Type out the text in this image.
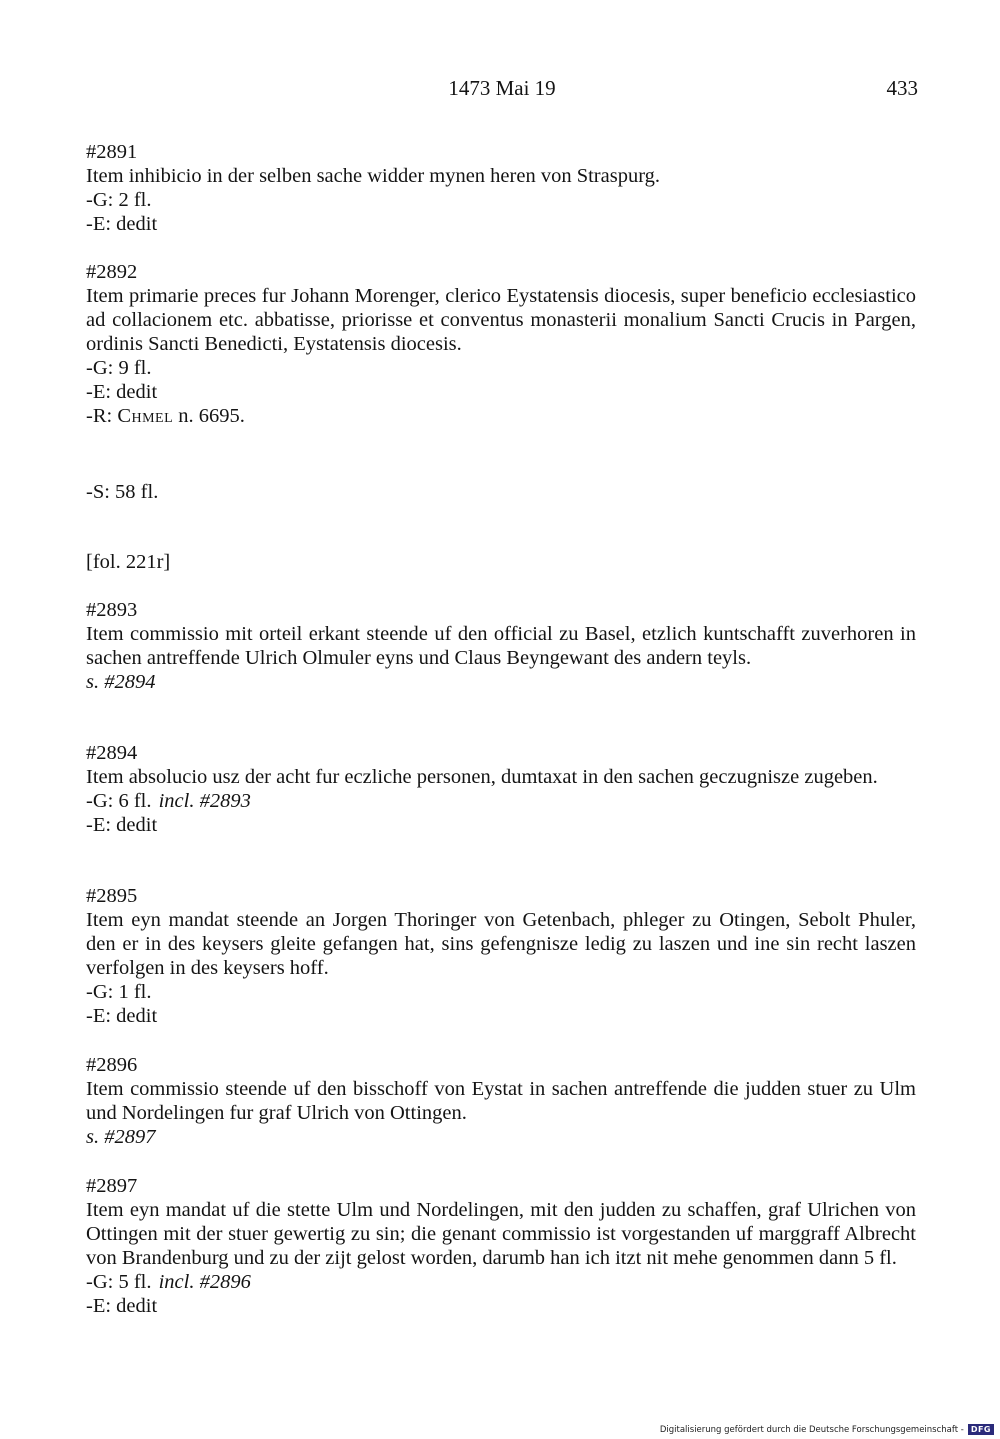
1473 Mai 19	433
#2891
Item inhibicio in der selben sache widder mynen heren von Straspurg.
-G: 2 fl.
-E: dedit
#2892
Item primarie preces fur Johann Morenger, clerico Eystatensis diocesis, super beneficio ecclesiastico ad collacionem etc. abbatisse, priorisse et conventus monasterii monalium Sancti Crucis in Pargen, ordinis Sancti Benedicti, Eystatensis diocesis.
-G: 9 fl.
-E: dedit
-R: Chmel n. 6695.
-S: 58 fl.
[fol. 221r]
#2893
Item commissio mit orteil erkant steende uf den official zu Basel, etzlich kuntschafft zuverhoren in sachen antreffende Ulrich Olmuler eyns und Claus Beyngewant des andern teyls.
s. #2894
#2894
Item absolucio usz der acht fur eczliche personen, dumtaxat in den sachen geczugnisze zugeben.
-G: 6 fl. incl. #2893
-E: dedit
#2895
Item eyn mandat steende an Jorgen Thoringer von Getenbach, phleger zu Otingen, Sebolt Phuler, den er in des keysers gleite gefangen hat, sins gefengnisze ledig zu laszen und ine sin recht laszen verfolgen in des keysers hoff.
-G: 1 fl.
-E: dedit
#2896
Item commissio steende uf den bisschoff von Eystat in sachen antreffende die judden stuer zu Ulm und Nordelingen fur graf Ulrich von Ottingen.
s. #2897
#2897
Item eyn mandat uf die stette Ulm und Nordelingen, mit den judden zu schaffen, graf Ulrichen von Ottingen mit der stuer gewertig zu sin; die genant commissio ist vorgestanden uf marggraff Albrecht von Brandenburg und zu der zijt gelost worden, darumb han ich itzt nit mehe genommen dann 5 fl.
-G: 5 fl. incl. #2896
-E: dedit
Digitalisierung gefördert durch die Deutsche Forschungsgemeinschaft - DFG
